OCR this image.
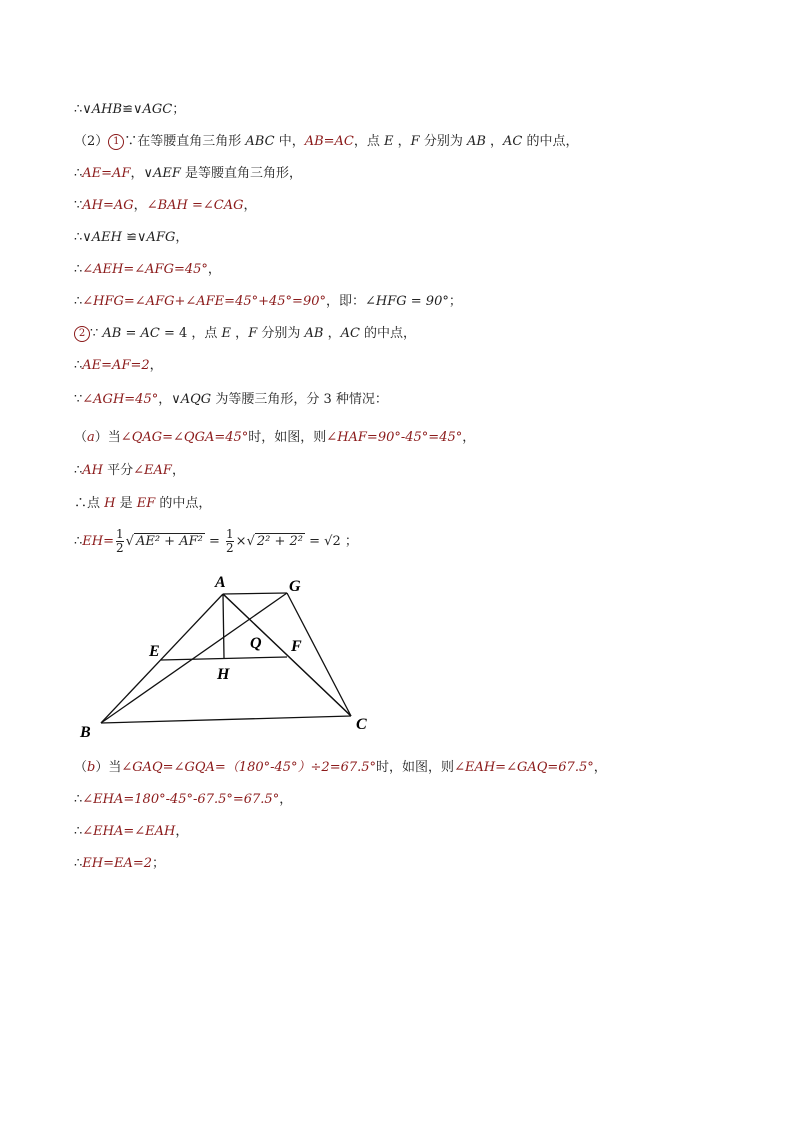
∴∨AHB≌∨AGC；
（2） 1 ∵在等腰直角三角形 ABC 中，AB=AC，点 E ，F 分别为 AB ，AC 的中点，
∴AE=AF，∨AEF 是等腰直角三角形，
∵AH=AG，∠BAH =∠CAG，
∴∨AEH ≌∨AFG，
∴∠AEH=∠AFG=45°，
∴∠HFG=∠AFG+∠AFE=45°+45°=90°，即：∠HFG = 90°；
2 ∵ AB = AC = 4 ，点 E ，F 分别为 AB ，AC 的中点，
∴AE=AF=2，
∵∠AGH=45°，∨AQG 为等腰三角形，分 3 种情况：
（a）当∠QAG=∠QGA=45°时，如图，则∠HAF=90°-45°=45°，
∴AH 平分∠EAF，
∴点 H 是 EF 的中点，
（b）当∠GAQ=∠GQA=（180°-45°）÷2=67.5°时，如图，则∠EAH=∠GAQ=67.5°，
∴∠EHA=180°-45°-67.5°=67.5°，
∴∠EHA=∠EAH，
∴EH=EA=2；
∴EH= $\frac{1}{2}$ √ $AE^2 + AF^2 = \frac{1}{2}$ ×√ 2² + 2² = √2 ；
A	G
E	Q F
H
B	C
